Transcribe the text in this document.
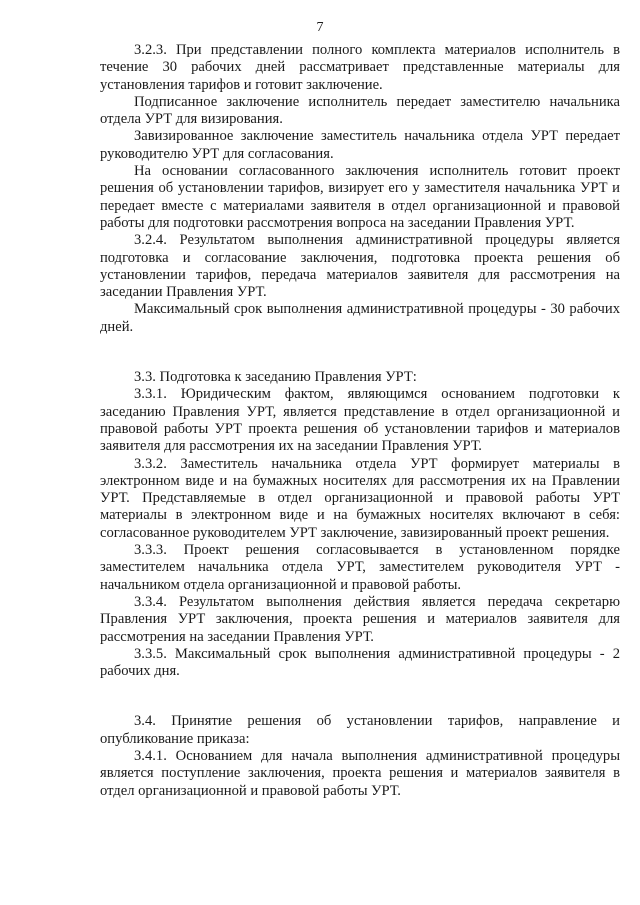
7

3.2.3. При представлении полного комплекта материалов исполнитель в течение 30 рабочих дней рассматривает представленные материалы для установления тарифов и готовит заключение.

Подписанное заключение исполнитель передает заместителю начальника отдела УРТ для визирования.

Завизированное заключение заместитель начальника отдела УРТ передает руководителю УРТ для согласования.

На основании согласованного заключения исполнитель готовит проект решения об установлении тарифов, визирует его у заместителя начальника УРТ и передает вместе с материалами заявителя в отдел организационной и правовой работы для подготовки рассмотрения вопроса на заседании Правления УРТ.

3.2.4. Результатом выполнения административной процедуры является подготовка и согласование заключения, подготовка проекта решения об установлении тарифов, передача материалов заявителя для рассмотрения на заседании Правления УРТ.

Максимальный срок выполнения административной процедуры - 30 рабочих дней.

3.3. Подготовка к заседанию Правления УРТ:

3.3.1. Юридическим фактом, являющимся основанием подготовки к заседанию Правления УРТ, является представление в отдел организационной и правовой работы УРТ проекта решения об установлении тарифов и материалов заявителя для рассмотрения их на заседании Правления УРТ.

3.3.2. Заместитель начальника отдела УРТ формирует материалы в электронном виде и на бумажных носителях для рассмотрения их на Правлении УРТ. Представляемые в отдел организационной и правовой работы УРТ материалы в электронном виде и на бумажных носителях включают в себя: согласованное руководителем УРТ заключение, завизированный проект решения.

3.3.3. Проект решения согласовывается в установленном порядке заместителем начальника отдела УРТ, заместителем руководителя УРТ - начальником отдела организационной и правовой работы.

3.3.4. Результатом выполнения действия является передача секретарю Правления УРТ заключения, проекта решения и материалов заявителя для рассмотрения на заседании Правления УРТ.

3.3.5. Максимальный срок выполнения административной процедуры - 2 рабочих дня.

3.4. Принятие решения об установлении тарифов, направление и опубликование приказа:

3.4.1. Основанием для начала выполнения административной процедуры является поступление заключения, проекта решения и материалов заявителя в отдел организационной и правовой работы УРТ.
